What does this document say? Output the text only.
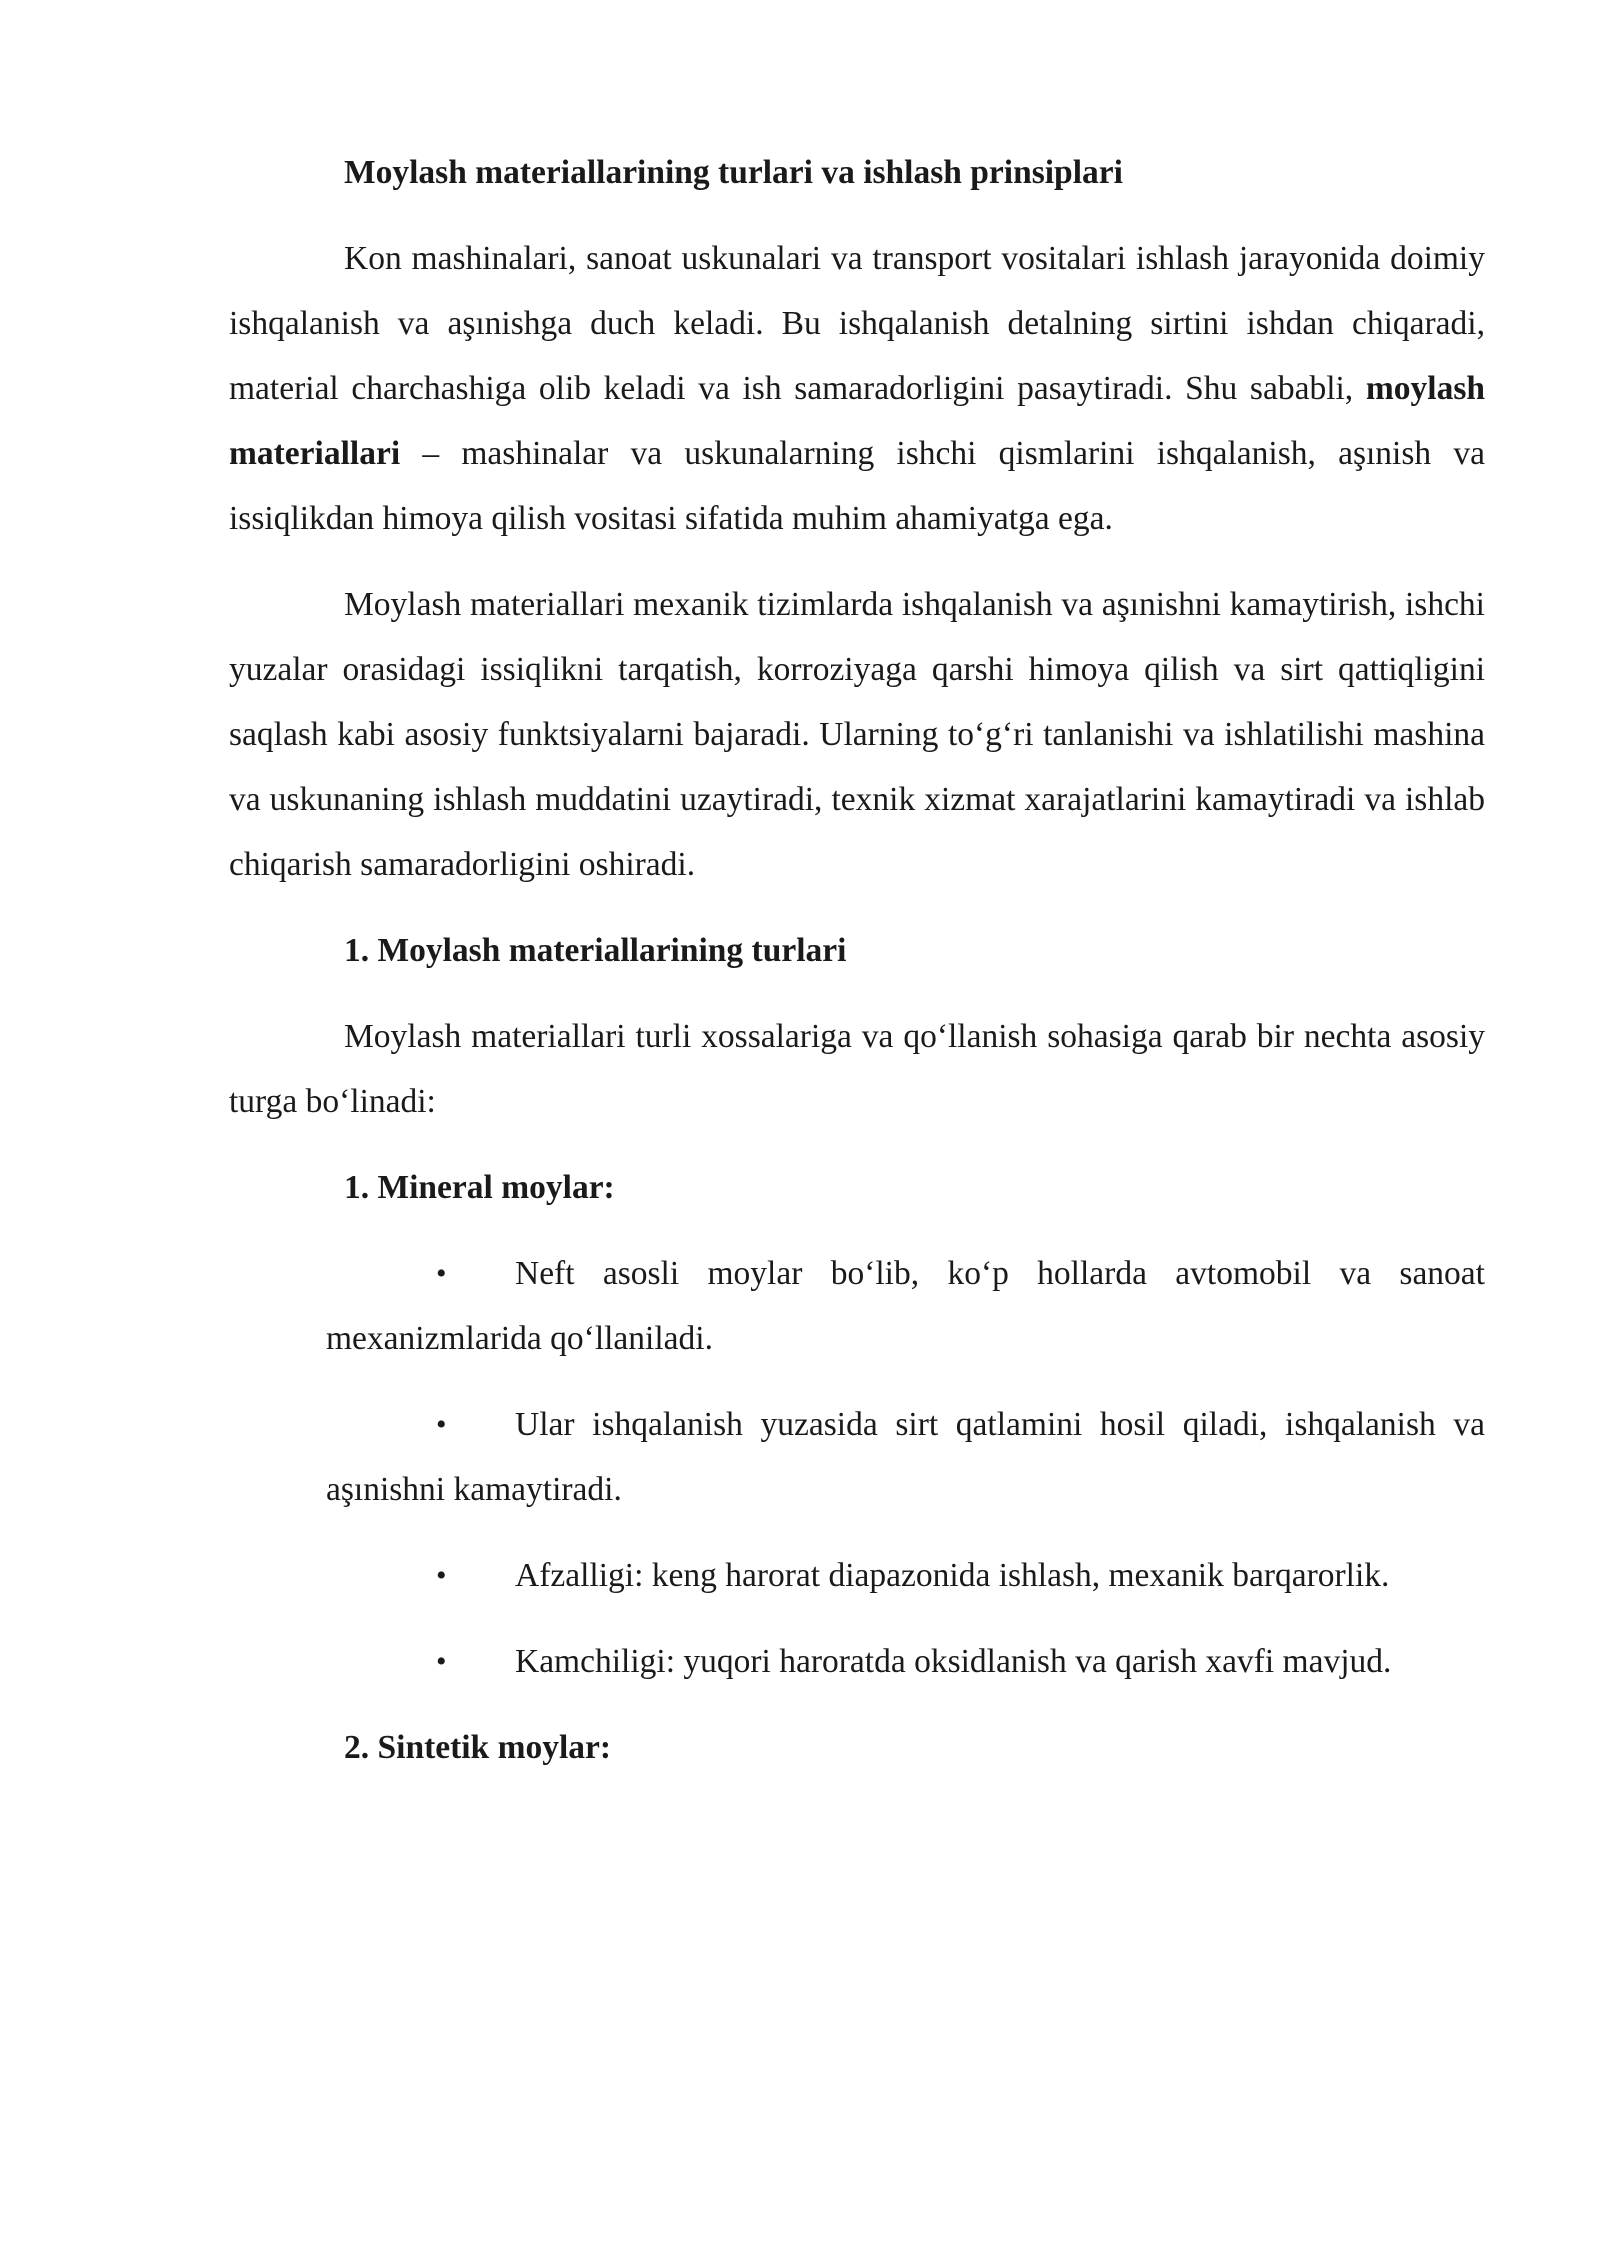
Moylash materiallarining turlari va ishlash prinsiplari

Kon mashinalari, sanoat uskunalari va transport vositalari ishlash jarayonida doimiy ishqalanish va aşınishga duch keladi. Bu ishqalanish detalning sirtini ishdan chiqaradi, material charchashiga olib keladi va ish samaradorligini pasaytiradi. Shu sababli, moylash materiallari – mashinalar va uskunalarning ishchi qismlarini ishqalanish, aşınish va issiqlikdan himoya qilish vositasi sifatida muhim ahamiyatga ega.

Moylash materiallari mexanik tizimlarda ishqalanish va aşınishni kamaytirish, ishchi yuzalar orasidagi issiqlikni tarqatish, korroziyaga qarshi himoya qilish va sirt qattiqligini saqlash kabi asosiy funktsiyalarni bajaradi. Ularning to‘g‘ri tanlanishi va ishlatilishi mashina va uskunaning ishlash muddatini uzaytiradi, texnik xizmat xarajatlarini kamaytiradi va ishlab chiqarish samaradorligini oshiradi.

1. Moylash materiallarining turlari

Moylash materiallari turli xossalariga va qo‘llanish sohasiga qarab bir nechta asosiy turga bo‘linadi:

1. Mineral moylar:
• Neft asosli moylar bo‘lib, ko‘p hollarda avtomobil va sanoat mexanizmlarida qo‘llaniladi.
• Ular ishqalanish yuzasida sirt qatlamini hosil qiladi, ishqalanish va aşınishni kamaytiradi.
• Afzalligi: keng harorat diapazonida ishlash, mexanik barqarorlik.
• Kamchiligi: yuqori haroratda oksidlanish va qarish xavfi mavjud.
2. Sintetik moylar:
